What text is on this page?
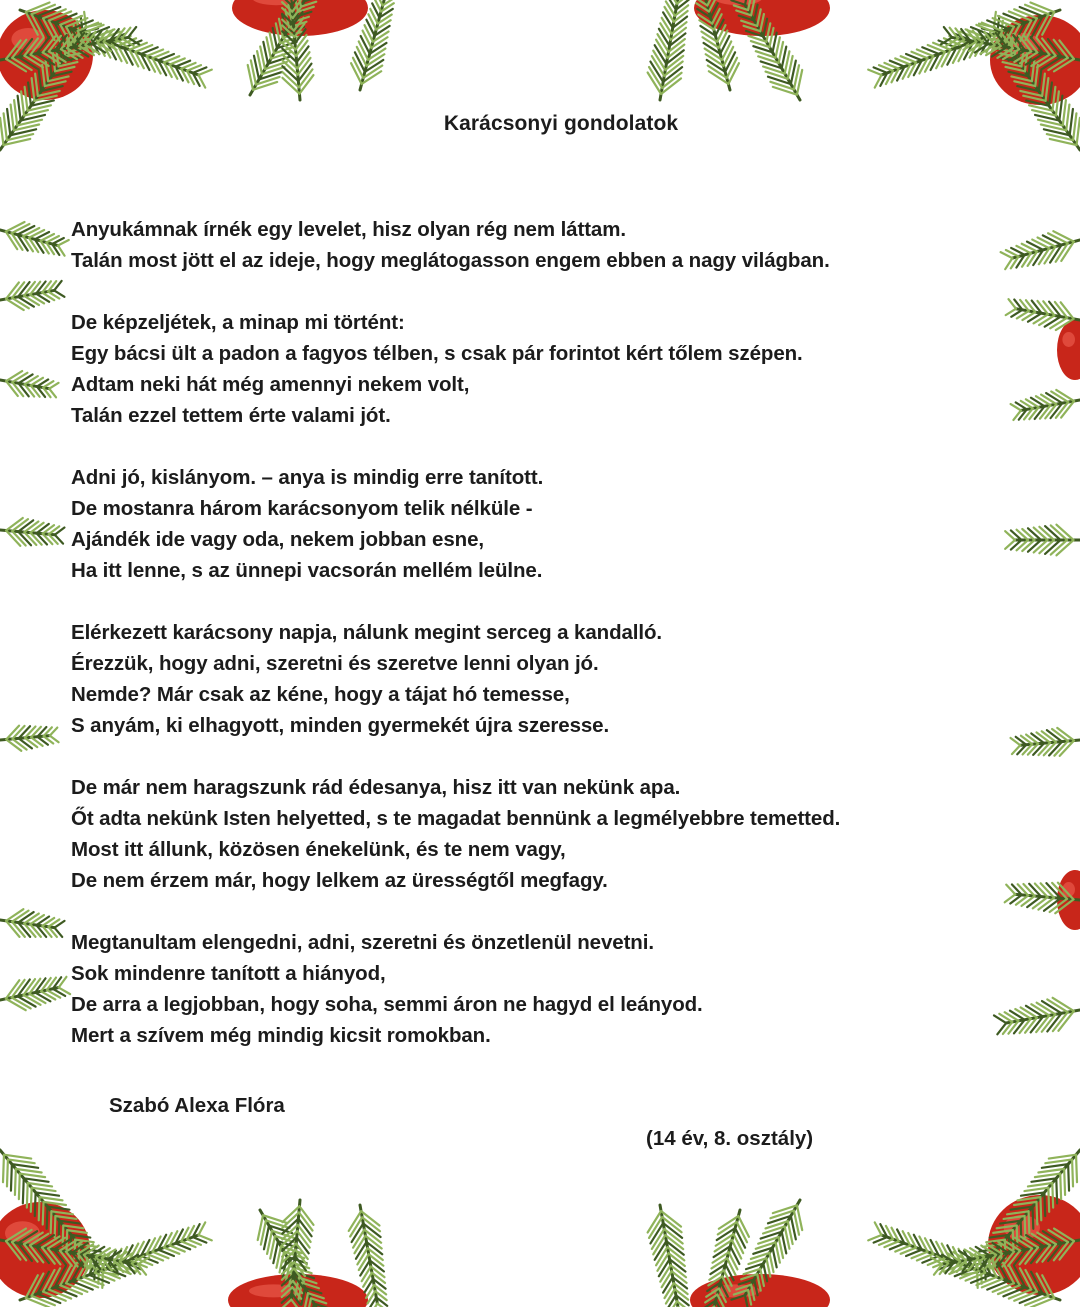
Karácsonyi gondolatok
Anyukámnak írnék egy levelet, hisz olyan rég nem láttam.
Talán most jött el az ideje, hogy meglátogasson engem ebben a nagy világban.
De képzeljétek, a minap mi történt:
Egy bácsi ült a padon a fagyos télben, s csak pár forintot kért tőlem szépen.
Adtam neki hát még amennyi nekem volt,
Talán ezzel tettem érte valami jót.
Adni jó, kislányom. – anya is mindig erre tanított.
De mostanra három karácsonyom telik nélküle -
Ajándék ide vagy oda, nekem jobban esne,
Ha itt lenne, s az ünnepi vacsorán mellém leülne.
Elérkezett karácsony napja, nálunk megint serceg a kandalló.
Érezzük, hogy adni, szeretni és szeretve lenni olyan jó.
Nemde? Már csak az kéne, hogy a tájat hó temesse,
S anyám, ki elhagyott, minden gyermekét újra szeresse.
De már nem haragszunk rád édesanya, hisz itt van nekünk apa.
Őt adta nekünk Isten helyetted, s te magadat bennünk a legmélyebbre temetted.
Most itt állunk, közösen énekelünk, és te nem vagy,
De nem érzem már, hogy lelkem az ürességtől megfagy.
Megtanultam elengedni, adni, szeretni és önzetlenül nevetni.
Sok mindenre tanított a hiányod,
De arra a legjobban, hogy soha, semmi áron ne hagyd el leányod.
Mert a szívem még mindig kicsit romokban.
Szabó Alexa Flóra
(14 év, 8. osztály)
